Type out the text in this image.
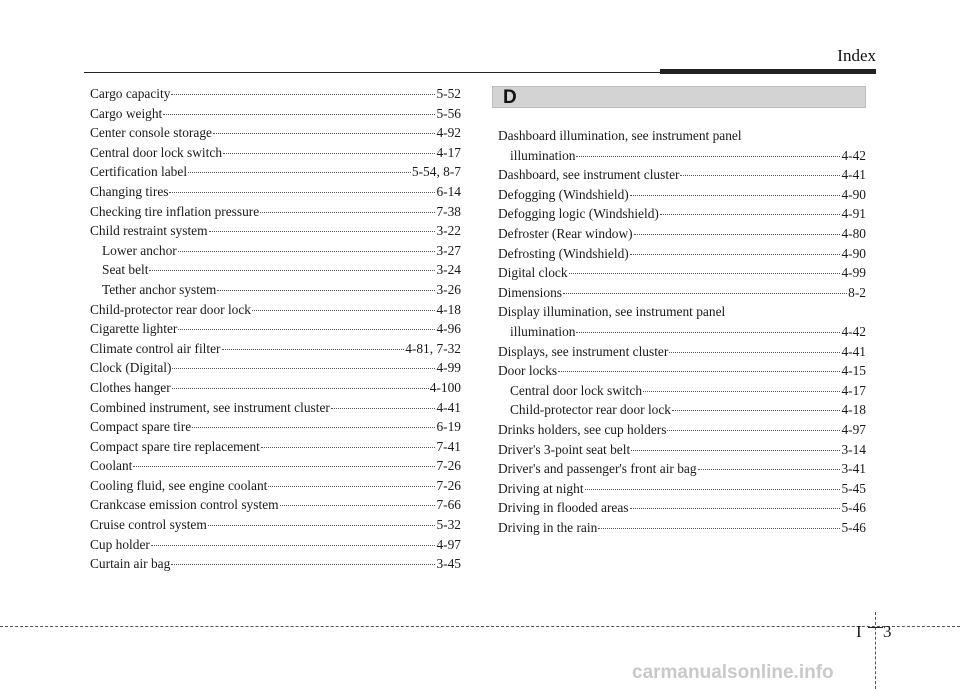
Index
Cargo capacity	5-52
Cargo weight	5-56
Center console storage	4-92
Central door lock switch	4-17
Certification label	5-54, 8-7
Changing tires	6-14
Checking tire inflation pressure	7-38
Child restraint system	3-22
Lower anchor	3-27
Seat belt	3-24
Tether anchor system	3-26
Child-protector rear door lock	4-18
Cigarette lighter	4-96
Climate control air filter	4-81, 7-32
Clock (Digital)	4-99
Clothes hanger	4-100
Combined instrument, see instrument cluster	4-41
Compact spare tire	6-19
Compact spare tire replacement	7-41
Coolant	7-26
Cooling fluid, see engine coolant	7-26
Crankcase emission control system	7-66
Cruise control system	5-32
Cup holder	4-97
Curtain air bag	3-45
D
Dashboard illumination, see instrument panel
illumination	4-42
Dashboard, see instrument cluster	4-41
Defogging (Windshield)	4-90
Defogging logic (Windshield)	4-91
Defroster (Rear window)	4-80
Defrosting (Windshield)	4-90
Digital clock	4-99
Dimensions	8-2
Display illumination, see instrument panel
illumination	4-42
Displays, see instrument cluster	4-41
Door locks	4-15
Central door lock switch	4-17
Child-protector rear door lock	4-18
Drinks holders, see cup holders	4-97
Driver's 3-point seat belt	3-14
Driver's and passenger's front air bag	3-41
Driving at night	5-45
Driving in flooded areas	5-46
Driving in the rain	5-46
I 3
carmanualsonline.info
